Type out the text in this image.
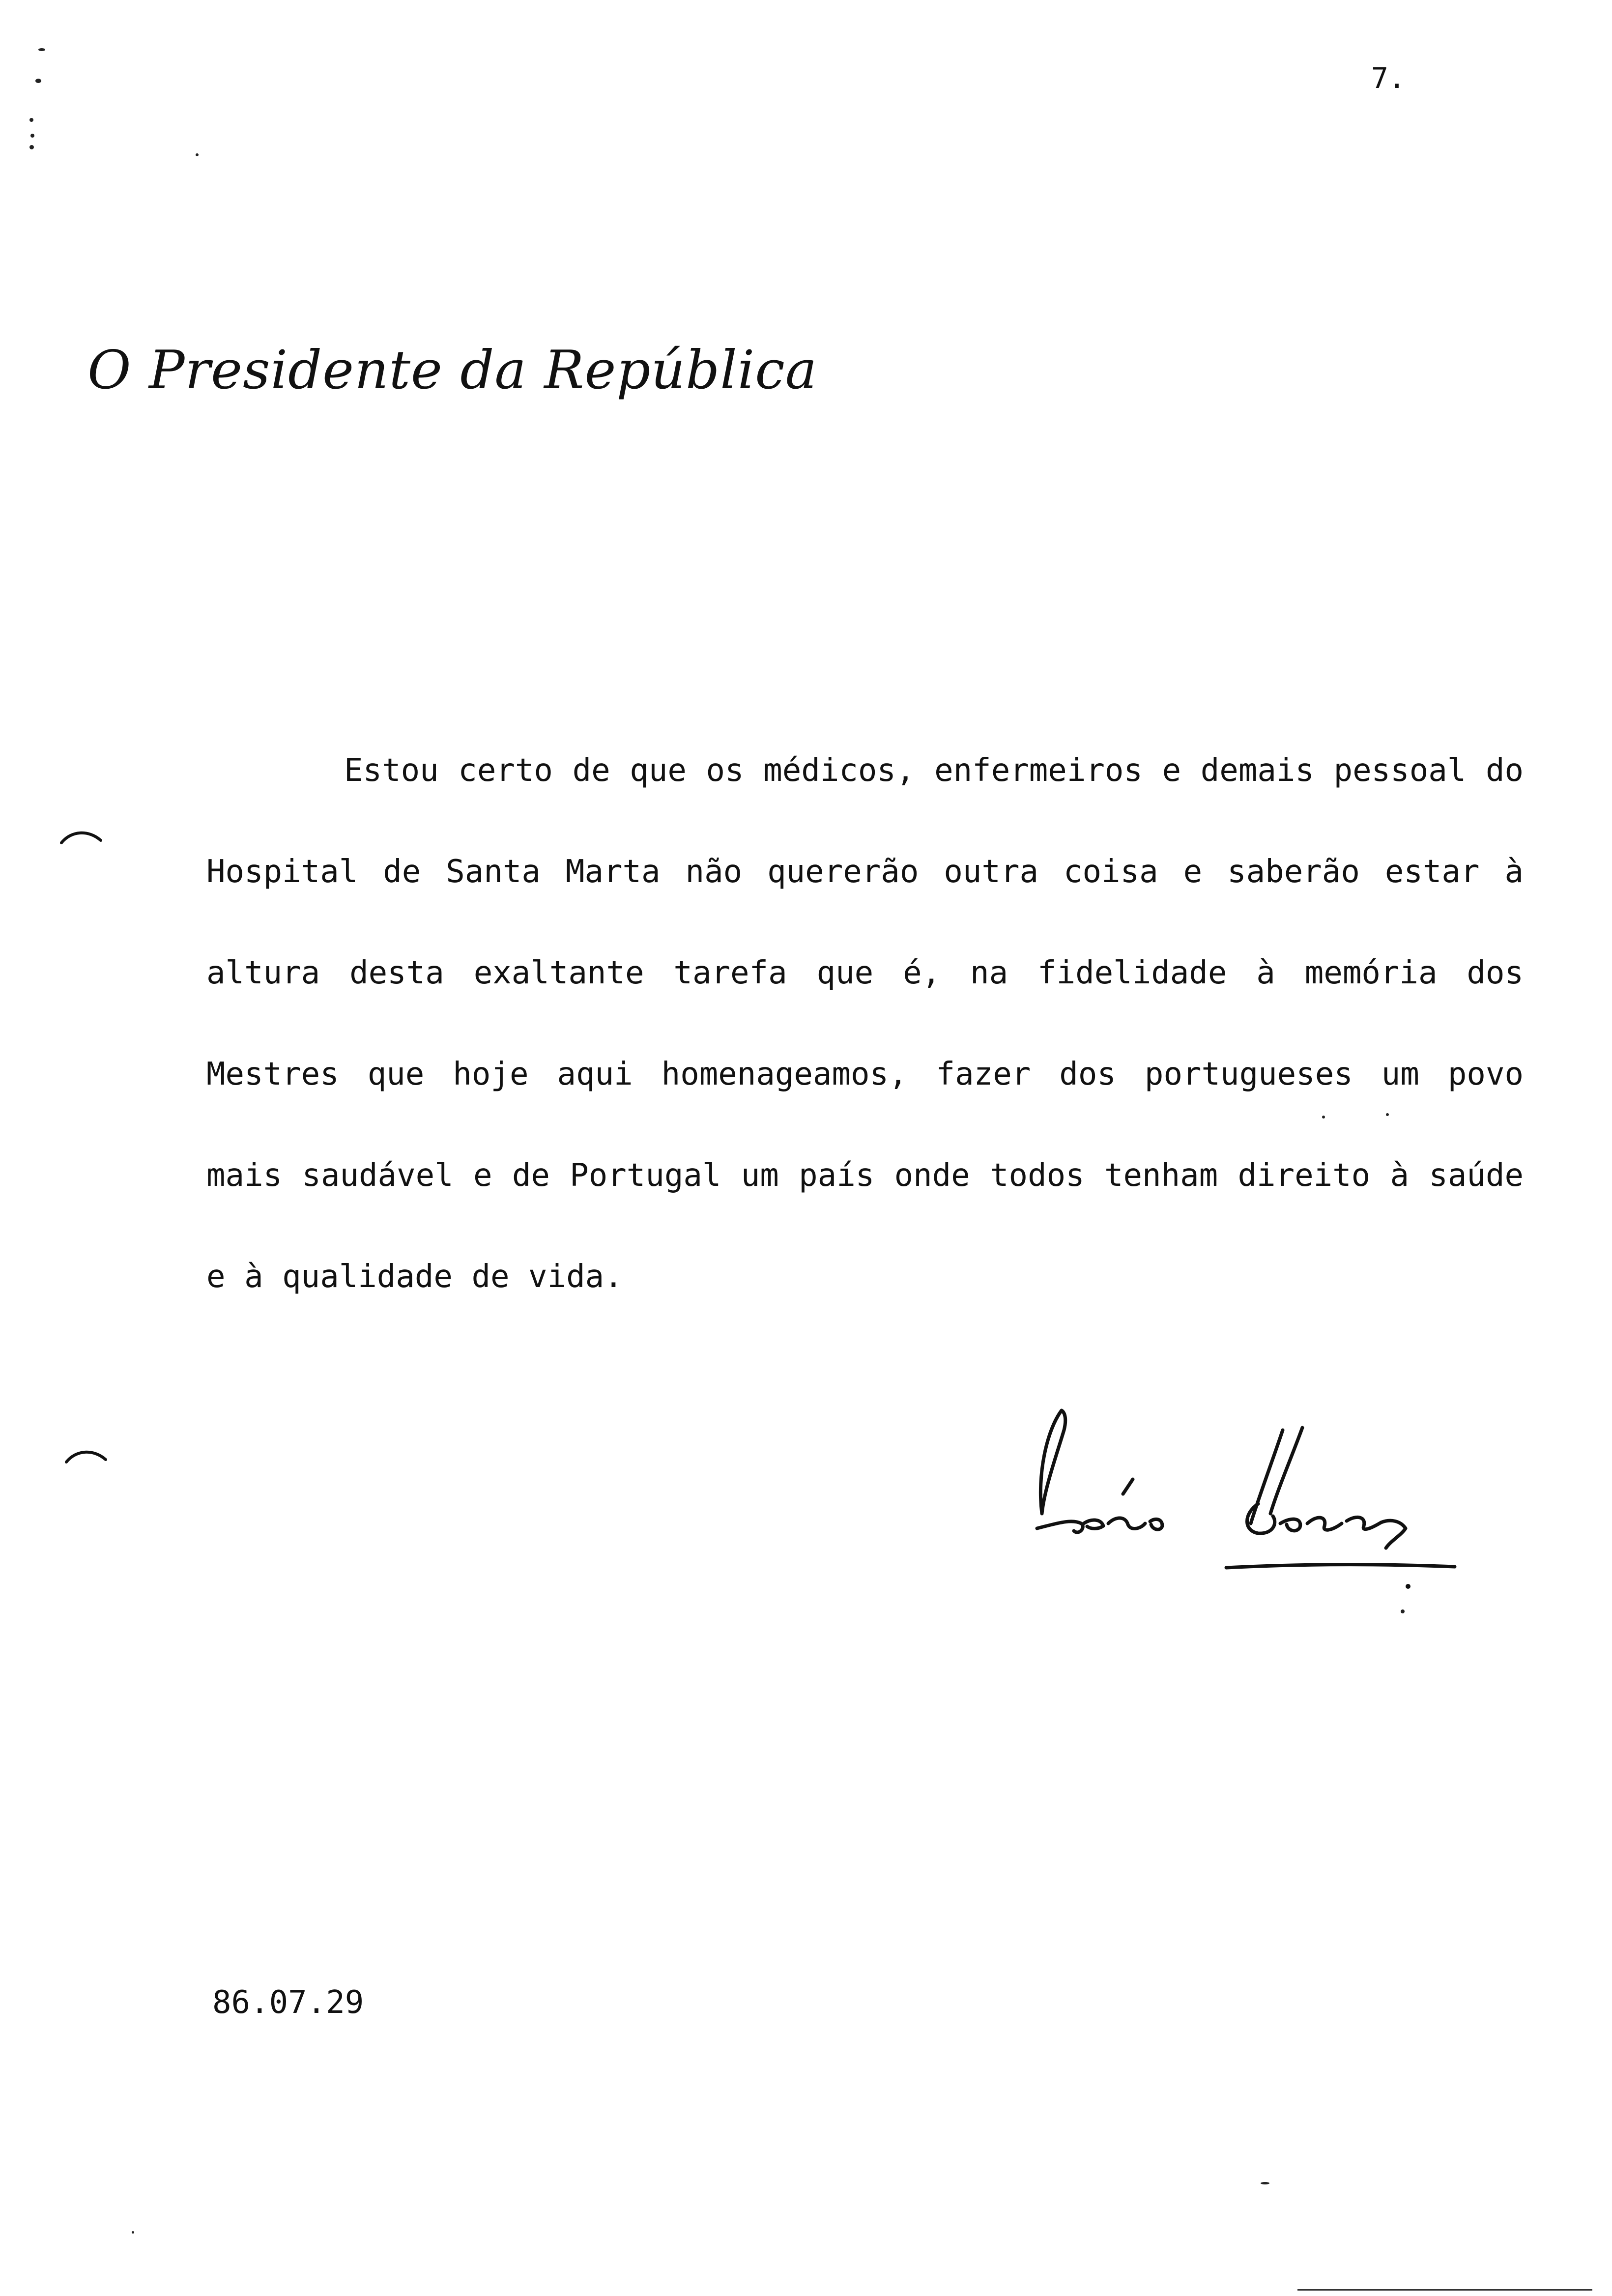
7.
O Presidente da República

Estou certo de que os médicos, enfermeiros e demais pessoal do Hospital de Santa Marta não quererão outra coisa e saberão estar à altura desta exaltante tarefa que é, na fidelidade à memória dos Mestres que hoje aqui homenageamos, fazer dos portugueses um povo mais saudável e de Portugal um país onde todos tenham direito à saúde e à qualidade de vida.

86.07.29
